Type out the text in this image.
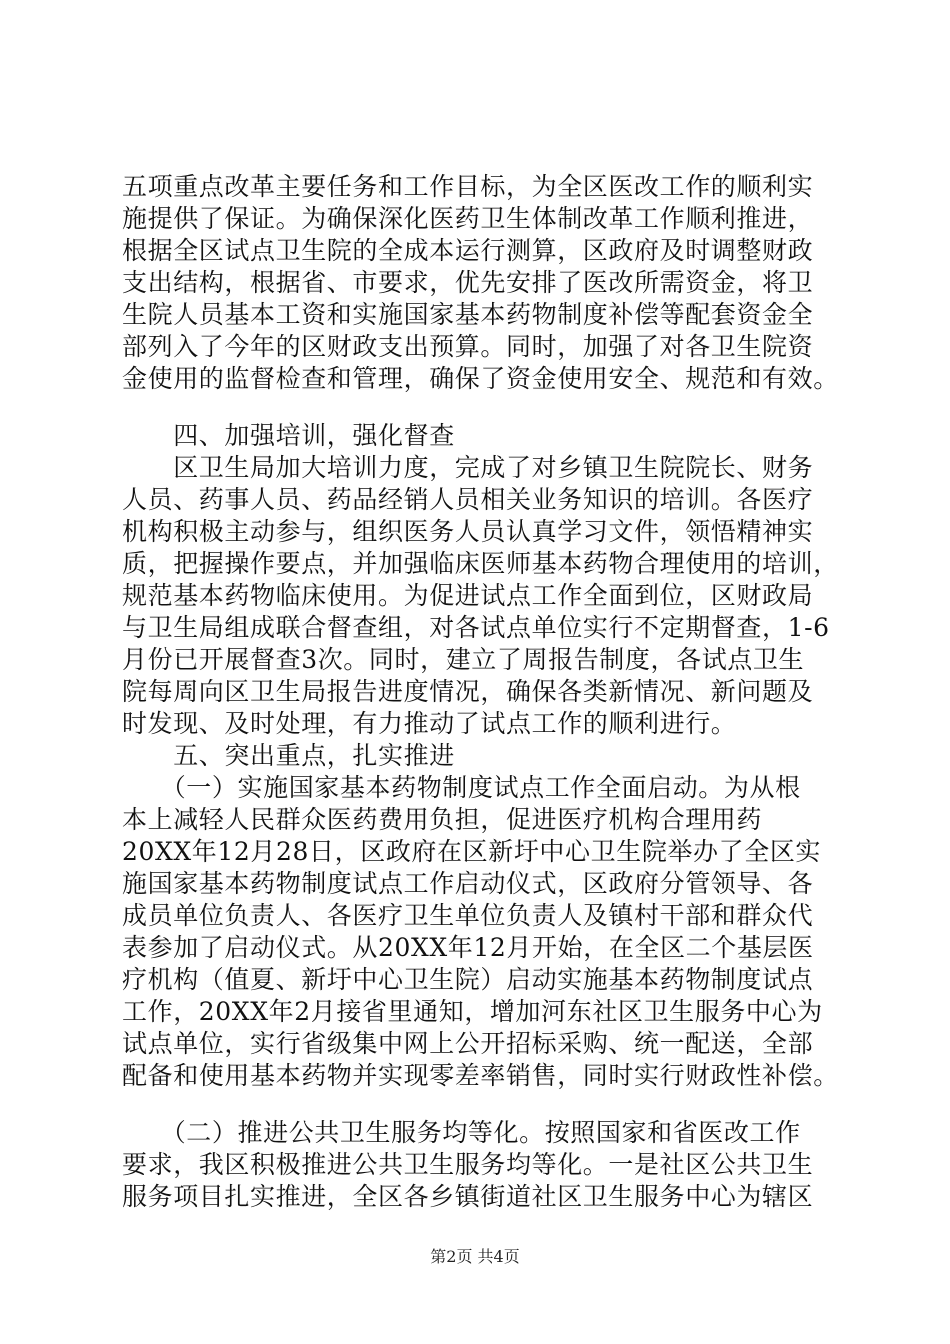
五项重点改革主要任务和工作目标，为全区医改工作的顺利实
施提供了保证。为确保深化医药卫生体制改革工作顺利推进，
根据全区试点卫生院的全成本运行测算，区政府及时调整财政
支出结构，根据省、市要求，优先安排了医改所需资金，将卫
生院人员基本工资和实施国家基本药物制度补偿等配套资金全
部列入了今年的区财政支出预算。同时，加强了对各卫生院资
金使用的监督检查和管理，确保了资金使用安全、规范和有效。
　　四、加强培训，强化督查
　　区卫生局加大培训力度，完成了对乡镇卫生院院长、财务
人员、药事人员、药品经销人员相关业务知识的培训。各医疗
机构积极主动参与，组织医务人员认真学习文件，领悟精神实
质，把握操作要点，并加强临床医师基本药物合理使用的培训，
规范基本药物临床使用。为促进试点工作全面到位，区财政局
与卫生局组成联合督查组，对各试点单位实行不定期督查，1-6
月份已开展督查3次。同时，建立了周报告制度，各试点卫生
院每周向区卫生局报告进度情况，确保各类新情况、新问题及
时发现、及时处理，有力推动了试点工作的顺利进行。
　　五、突出重点，扎实推进
　　（一）实施国家基本药物制度试点工作全面启动。为从根
本上减轻人民群众医药费用负担，促进医疗机构合理用药
20XX年12月28日，区政府在区新圩中心卫生院举办了全区实
施国家基本药物制度试点工作启动仪式，区政府分管领导、各
成员单位负责人、各医疗卫生单位负责人及镇村干部和群众代
表参加了启动仪式。从20XX年12月开始，在全区二个基层医
疗机构（值夏、新圩中心卫生院）启动实施基本药物制度试点
工作，20XX年2月接省里通知，增加河东社区卫生服务中心为
试点单位，实行省级集中网上公开招标采购、统一配送，全部
配备和使用基本药物并实现零差率销售，同时实行财政性补偿。
　　（二）推进公共卫生服务均等化。按照国家和省医改工作
要求，我区积极推进公共卫生服务均等化。一是社区公共卫生
服务项目扎实推进，全区各乡镇街道社区卫生服务中心为辖区
第2页 共4页
